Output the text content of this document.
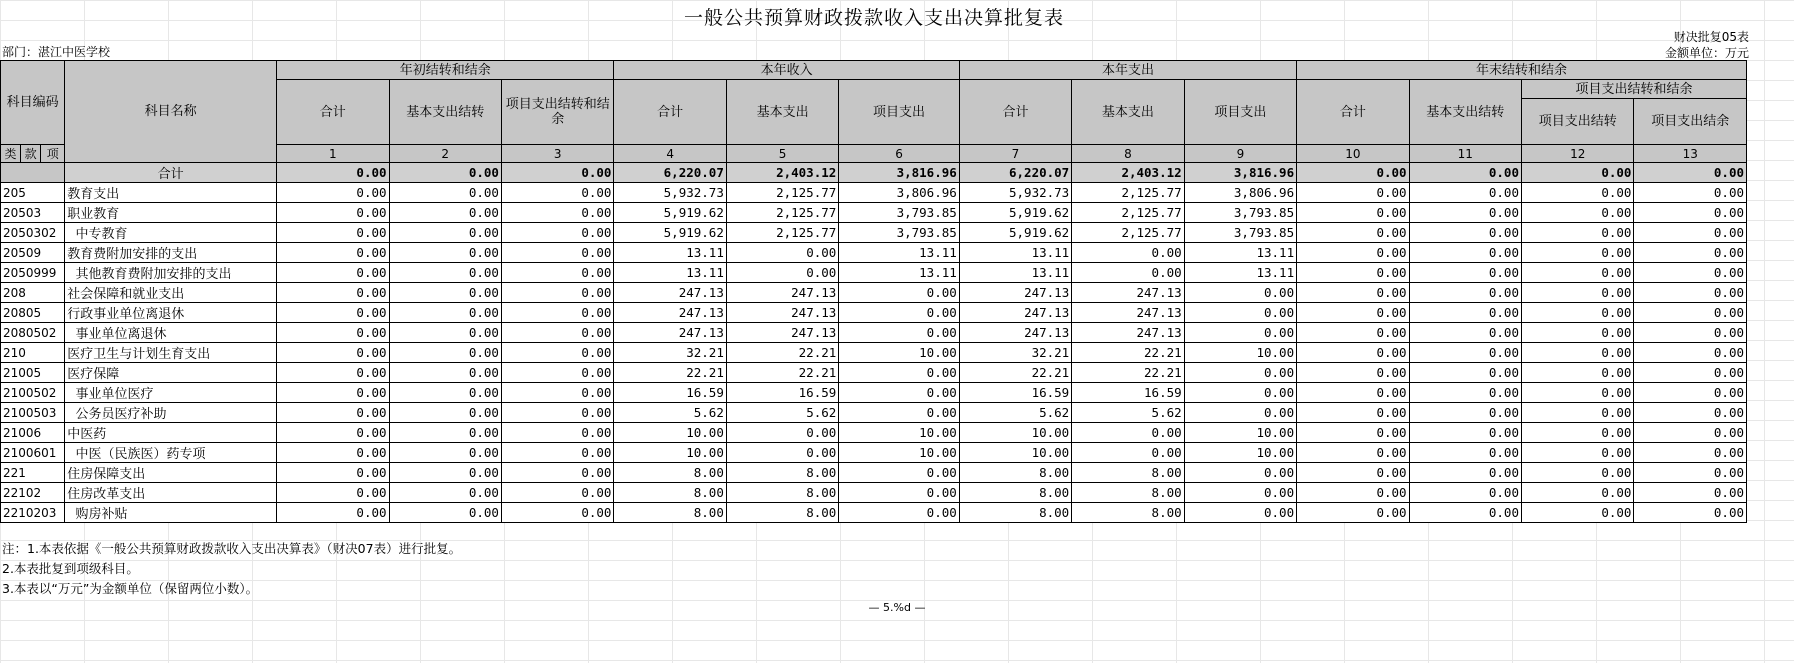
一般公共预算财政拨款收入支出决算批复表
财决批复05表
金额单位：万元
部门：湛江中医学校
科目编码			科目名称	年初结转和结余			本年收入			本年支出			年末结转和结余			
				合计	基本支出结转	项目支出结转和结余	合计	基本支出	项目支出	合计	基本支出	项目支出	合计	基本支出结转	项目支出结转和结余	
															项目支出结转	项目支出结余
类	款	项		1	2	3	4	5	6	7	8	9	10	11	12	13
			合计	0.00	0.00	0.00	6,220.07	2,403.12	3,816.96	6,220.07	2,403.12	3,816.96	0.00	0.00	0.00	0.00
205			教育支出	0.00	0.00	0.00	5,932.73	2,125.77	3,806.96	5,932.73	2,125.77	3,806.96	0.00	0.00	0.00	0.00
20503			职业教育	0.00	0.00	0.00	5,919.62	2,125.77	3,793.85	5,919.62	2,125.77	3,793.85	0.00	0.00	0.00	0.00
2050302			中专教育	0.00	0.00	0.00	5,919.62	2,125.77	3,793.85	5,919.62	2,125.77	3,793.85	0.00	0.00	0.00	0.00
20509			教育费附加安排的支出	0.00	0.00	0.00	13.11	0.00	13.11	13.11	0.00	13.11	0.00	0.00	0.00	0.00
2050999			其他教育费附加安排的支出	0.00	0.00	0.00	13.11	0.00	13.11	13.11	0.00	13.11	0.00	0.00	0.00	0.00
208			社会保障和就业支出	0.00	0.00	0.00	247.13	247.13	0.00	247.13	247.13	0.00	0.00	0.00	0.00	0.00
20805			行政事业单位离退休	0.00	0.00	0.00	247.13	247.13	0.00	247.13	247.13	0.00	0.00	0.00	0.00	0.00
2080502			事业单位离退休	0.00	0.00	0.00	247.13	247.13	0.00	247.13	247.13	0.00	0.00	0.00	0.00	0.00
210			医疗卫生与计划生育支出	0.00	0.00	0.00	32.21	22.21	10.00	32.21	22.21	10.00	0.00	0.00	0.00	0.00
21005			医疗保障	0.00	0.00	0.00	22.21	22.21	0.00	22.21	22.21	0.00	0.00	0.00	0.00	0.00
2100502			事业单位医疗	0.00	0.00	0.00	16.59	16.59	0.00	16.59	16.59	0.00	0.00	0.00	0.00	0.00
2100503			公务员医疗补助	0.00	0.00	0.00	5.62	5.62	0.00	5.62	5.62	0.00	0.00	0.00	0.00	0.00
21006			中医药	0.00	0.00	0.00	10.00	0.00	10.00	10.00	0.00	10.00	0.00	0.00	0.00	0.00
2100601			中医（民族医）药专项	0.00	0.00	0.00	10.00	0.00	10.00	10.00	0.00	10.00	0.00	0.00	0.00	0.00
221			住房保障支出	0.00	0.00	0.00	8.00	8.00	0.00	8.00	8.00	0.00	0.00	0.00	0.00	0.00
22102			住房改革支出	0.00	0.00	0.00	8.00	8.00	0.00	8.00	8.00	0.00	0.00	0.00	0.00	0.00
2210203			购房补贴	0.00	0.00	0.00	8.00	8.00	0.00	8.00	8.00	0.00	0.00	0.00	0.00	0.00
注：1.本表依据《一般公共预算财政拨款收入支出决算表》（财决07表）进行批复。
2.本表批复到项级科目。
3.本表以“万元”为金额单位（保留两位小数）。
— 5.%d —
